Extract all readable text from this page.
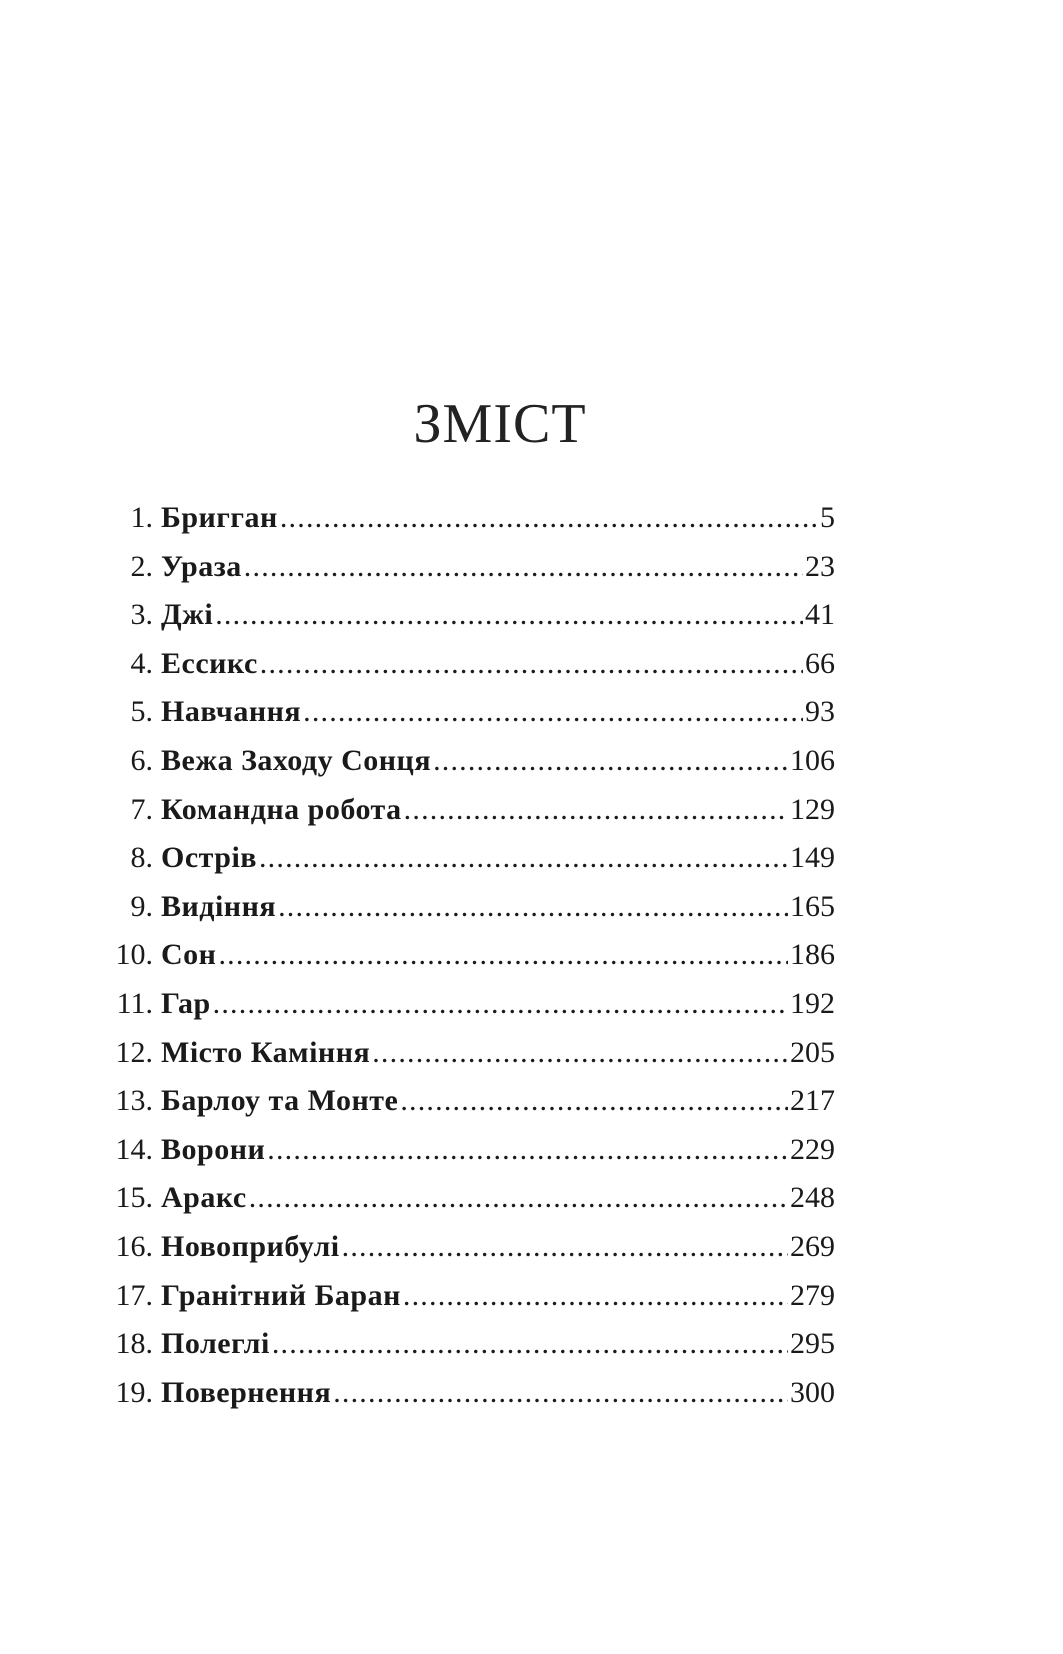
ЗМІСТ
1. Бригган .....	5
2. Ураза .....	23
3. Джі .....	41
4. Ессикс .....	66
5. Навчання .....	93
6. Вежа Заходу Сонця .....	106
7. Командна робота .....	129
8. Острів .....	149
9. Видіння .....	165
10. Сон .....	186
11. Гар .....	192
12. Місто Каміння .....	205
13. Барлоу та Монте .....	217
14. Ворони .....	229
15. Аракс .....	248
16. Новоприбулі .....	269
17. Гранітний Баран .....	279
18. Полеглі .....	295
19. Повернення .....	300
